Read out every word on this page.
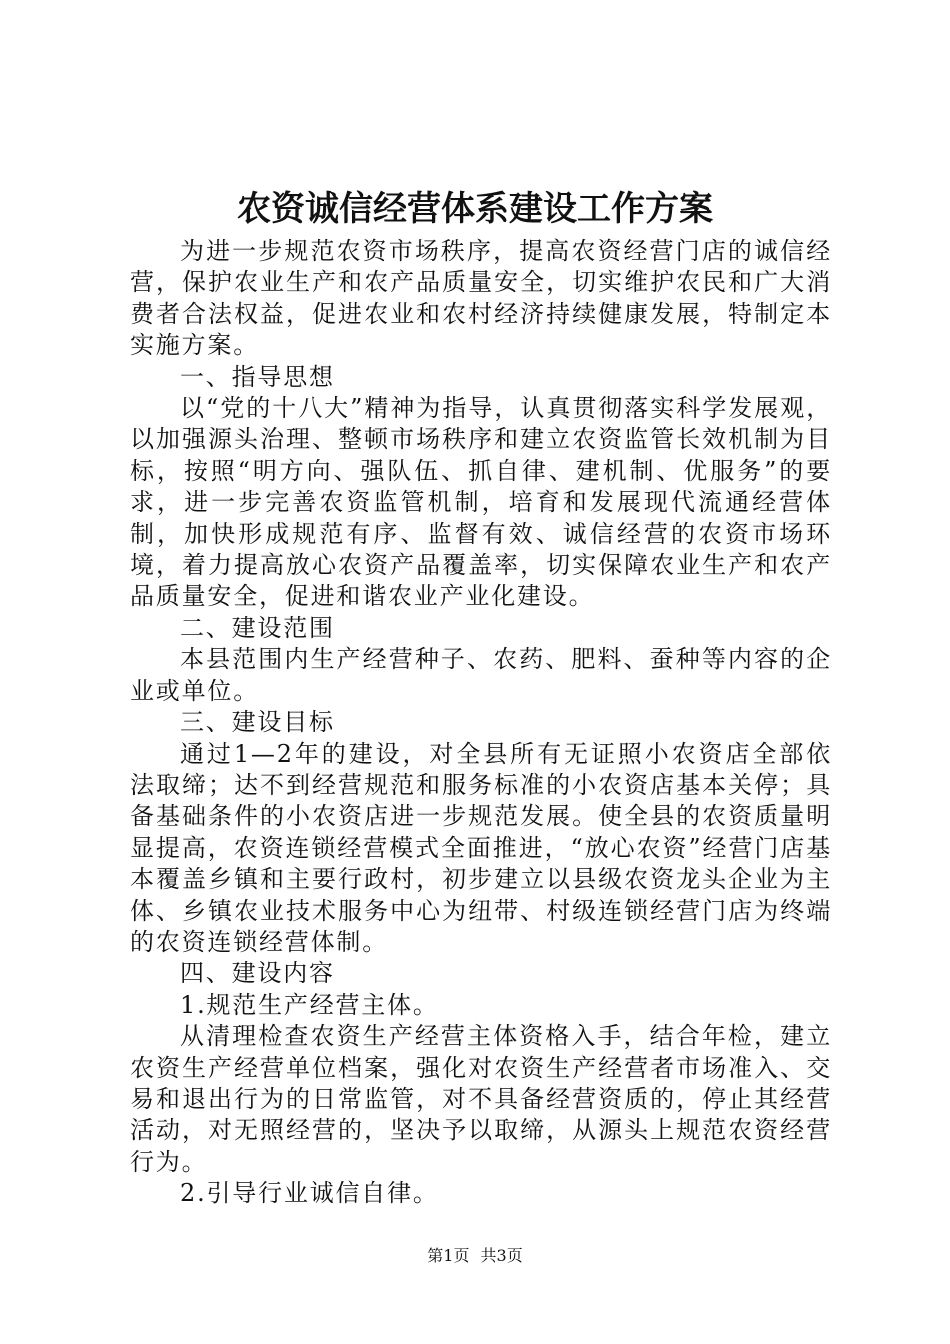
农资诚信经营体系建设工作方案

为进一步规范农资市场秩序，提高农资经营门店的诚信经营，保护农业生产和农产品质量安全，切实维护农民和广大消费者合法权益，促进农业和农村经济持续健康发展，特制定本实施方案。

一、指导思想

以“党的十八大”精神为指导，认真贯彻落实科学发展观，以加强源头治理、整顿市场秩序和建立农资监管长效机制为目标，按照“明方向、强队伍、抓自律、建机制、优服务”的要求，进一步完善农资监管机制，培育和发展现代流通经营体制，加快形成规范有序、监督有效、诚信经营的农资市场环境，着力提高放心农资产品覆盖率，切实保障农业生产和农产品质量安全，促进和谐农业产业化建设。

二、建设范围

本县范围内生产经营种子、农药、肥料、蚕种等内容的企业或单位。

三、建设目标

通过1—2年的建设，对全县所有无证照小农资店全部依法取缔；达不到经营规范和服务标准的小农资店基本关停；具备基础条件的小农资店进一步规范发展。使全县的农资质量明显提高，农资连锁经营模式全面推进，“放心农资”经营门店基本覆盖乡镇和主要行政村，初步建立以县级农资龙头企业为主体、乡镇农业技术服务中心为纽带、村级连锁经营门店为终端的农资连锁经营体制。

四、建设内容

1.规范生产经营主体。

从清理检查农资生产经营主体资格入手，结合年检，建立农资生产经营单位档案，强化对农资生产经营者市场准入、交易和退出行为的日常监管，对不具备经营资质的，停止其经营活动，对无照经营的，坚决予以取缔，从源头上规范农资经营行为。

2.引导行业诚信自律。

第1页 共3页
